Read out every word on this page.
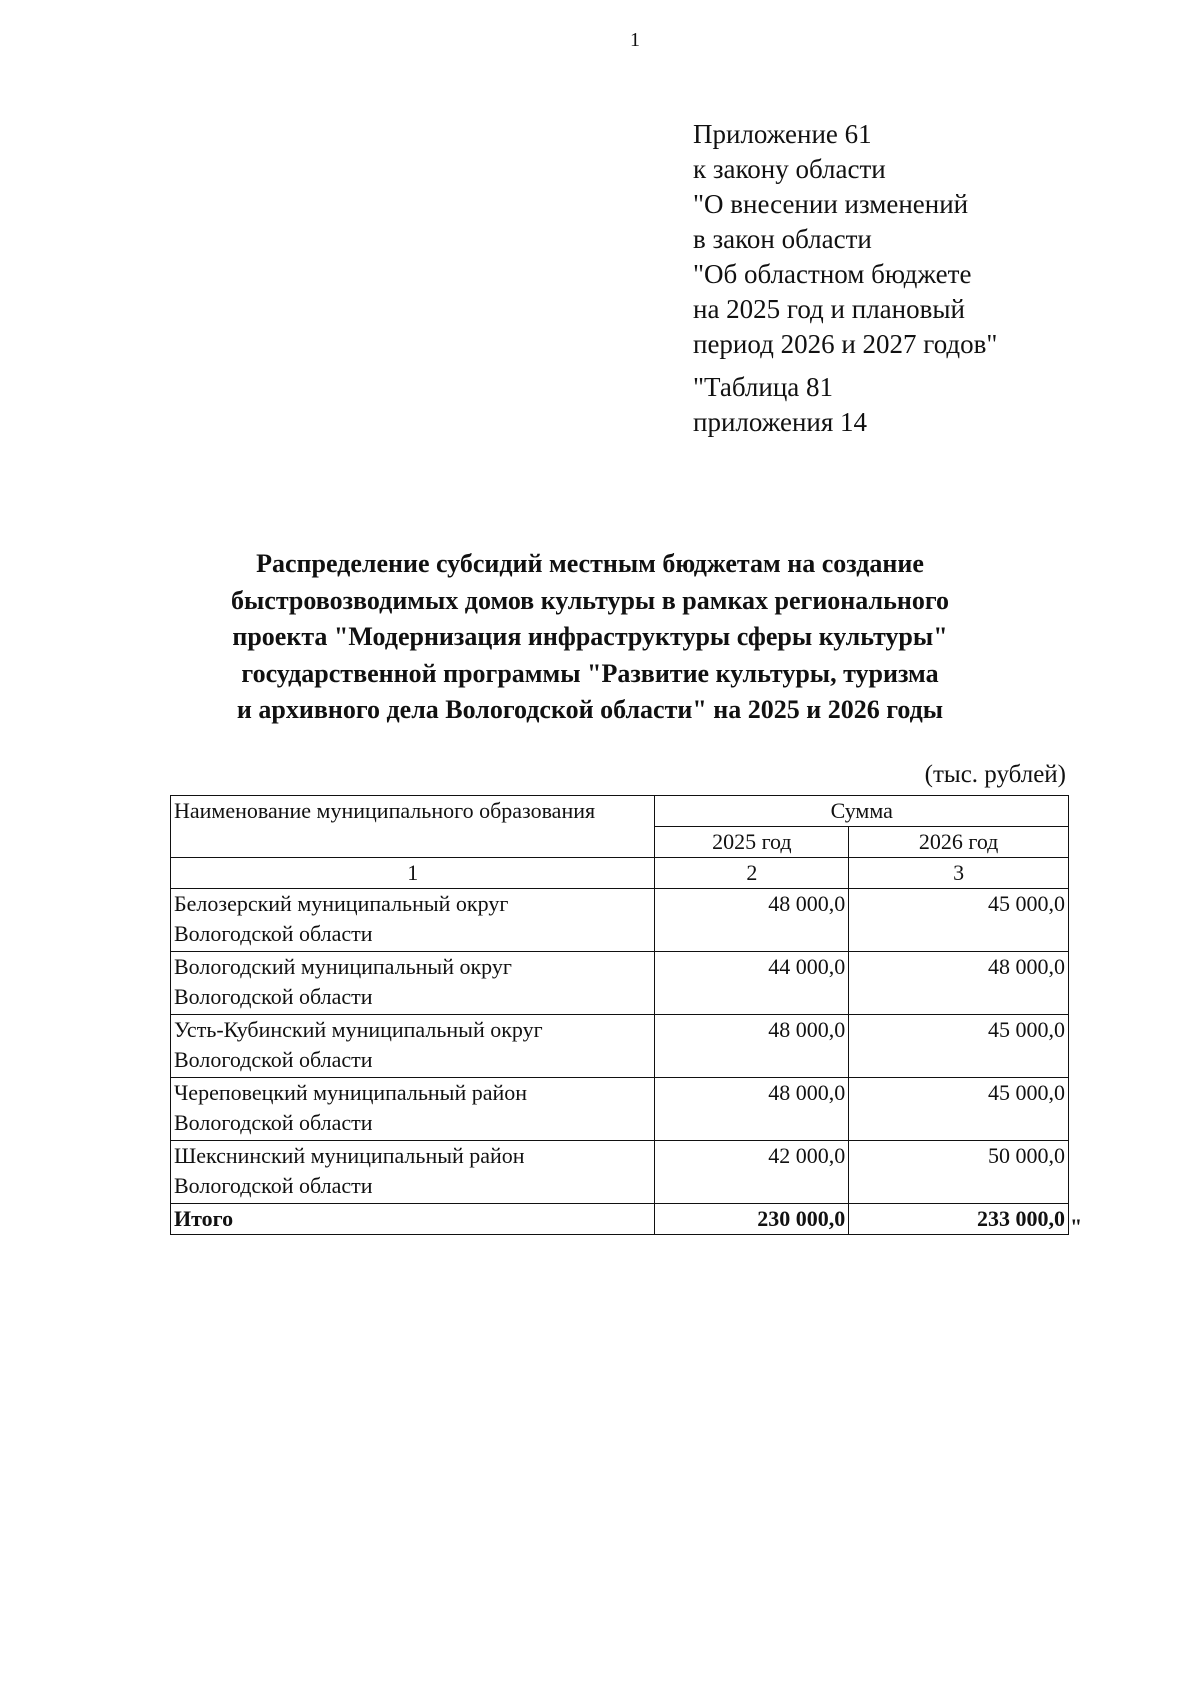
1
Приложение 61
к закону области
"О внесении изменений
в закон области
"Об областном бюджете
на 2025 год и плановый
период 2026 и 2027 годов"
"Таблица 81
приложения 14
Распределение субсидий местным бюджетам на создание
быстровозводимых домов культуры в рамках регионального
проекта "Модернизация инфраструктуры сферы культуры"
государственной программы "Развитие культуры, туризма
и архивного дела Вологодской области" на 2025 и 2026 годы
(тыс. рублей)
Наименование муниципального образования	Сумма	
	2025 год	2026 год
1	2	3

Белозерский муниципальный округ
Вологодской области	48 000,0	45 000,0

Вологодский муниципальный округ
Вологодской области	44 000,0	48 000,0

Усть-Кубинский муниципальный округ
Вологодской области	48 000,0	45 000,0

Череповецкий муниципальный район
Вологодской области	48 000,0	45 000,0

Шекснинский муниципальный район
Вологодской области	42 000,0	50 000,0
Итого	230 000,0	233 000,0 "
